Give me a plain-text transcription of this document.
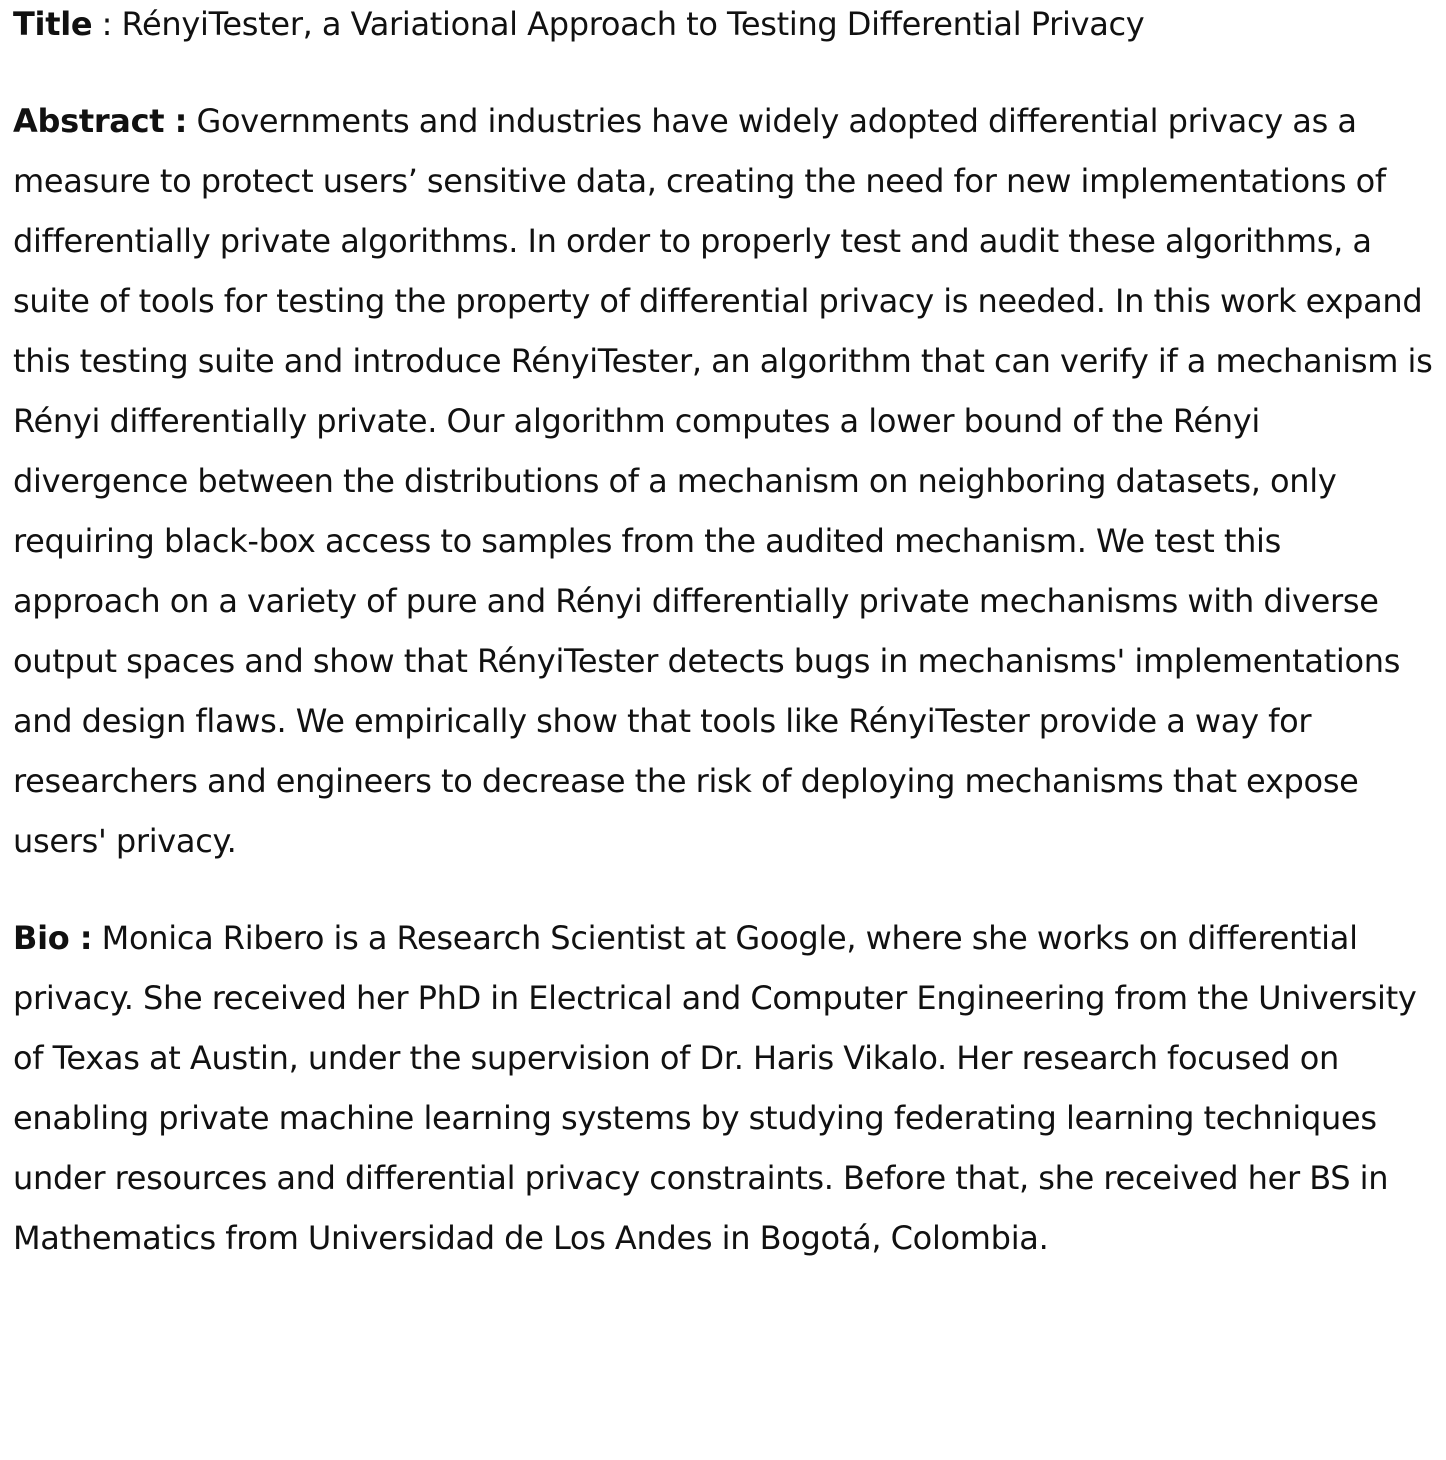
Title : RényiTester, a Variational Approach to Testing Differential Privacy

Abstract : Governments and industries have widely adopted differential privacy as a measure to protect users’ sensitive data, creating the need for new implementations of differentially private algorithms. In order to properly test and audit these algorithms, a suite of tools for testing the property of differential privacy is needed. In this work expand this testing suite and introduce RényiTester, an algorithm that can verify if a mechanism is Rényi differentially private. Our algorithm computes a lower bound of the Rényi divergence between the distributions of a mechanism on neighboring datasets, only requiring black-box access to samples from the audited mechanism. We test this approach on a variety of pure and Rényi differentially private mechanisms with diverse output spaces and show that RényiTester detects bugs in mechanisms' implementations and design flaws. We empirically show that tools like RényiTester provide a way for researchers and engineers to decrease the risk of deploying mechanisms that expose users' privacy.

Bio : Monica Ribero is a Research Scientist at Google, where she works on differential privacy. She received her PhD in Electrical and Computer Engineering from the University of Texas at Austin, under the supervision of Dr. Haris Vikalo. Her research focused on enabling private machine learning systems by studying federating learning techniques under resources and differential privacy constraints. Before that, she received her BS in Mathematics from Universidad de Los Andes in Bogotá, Colombia.
